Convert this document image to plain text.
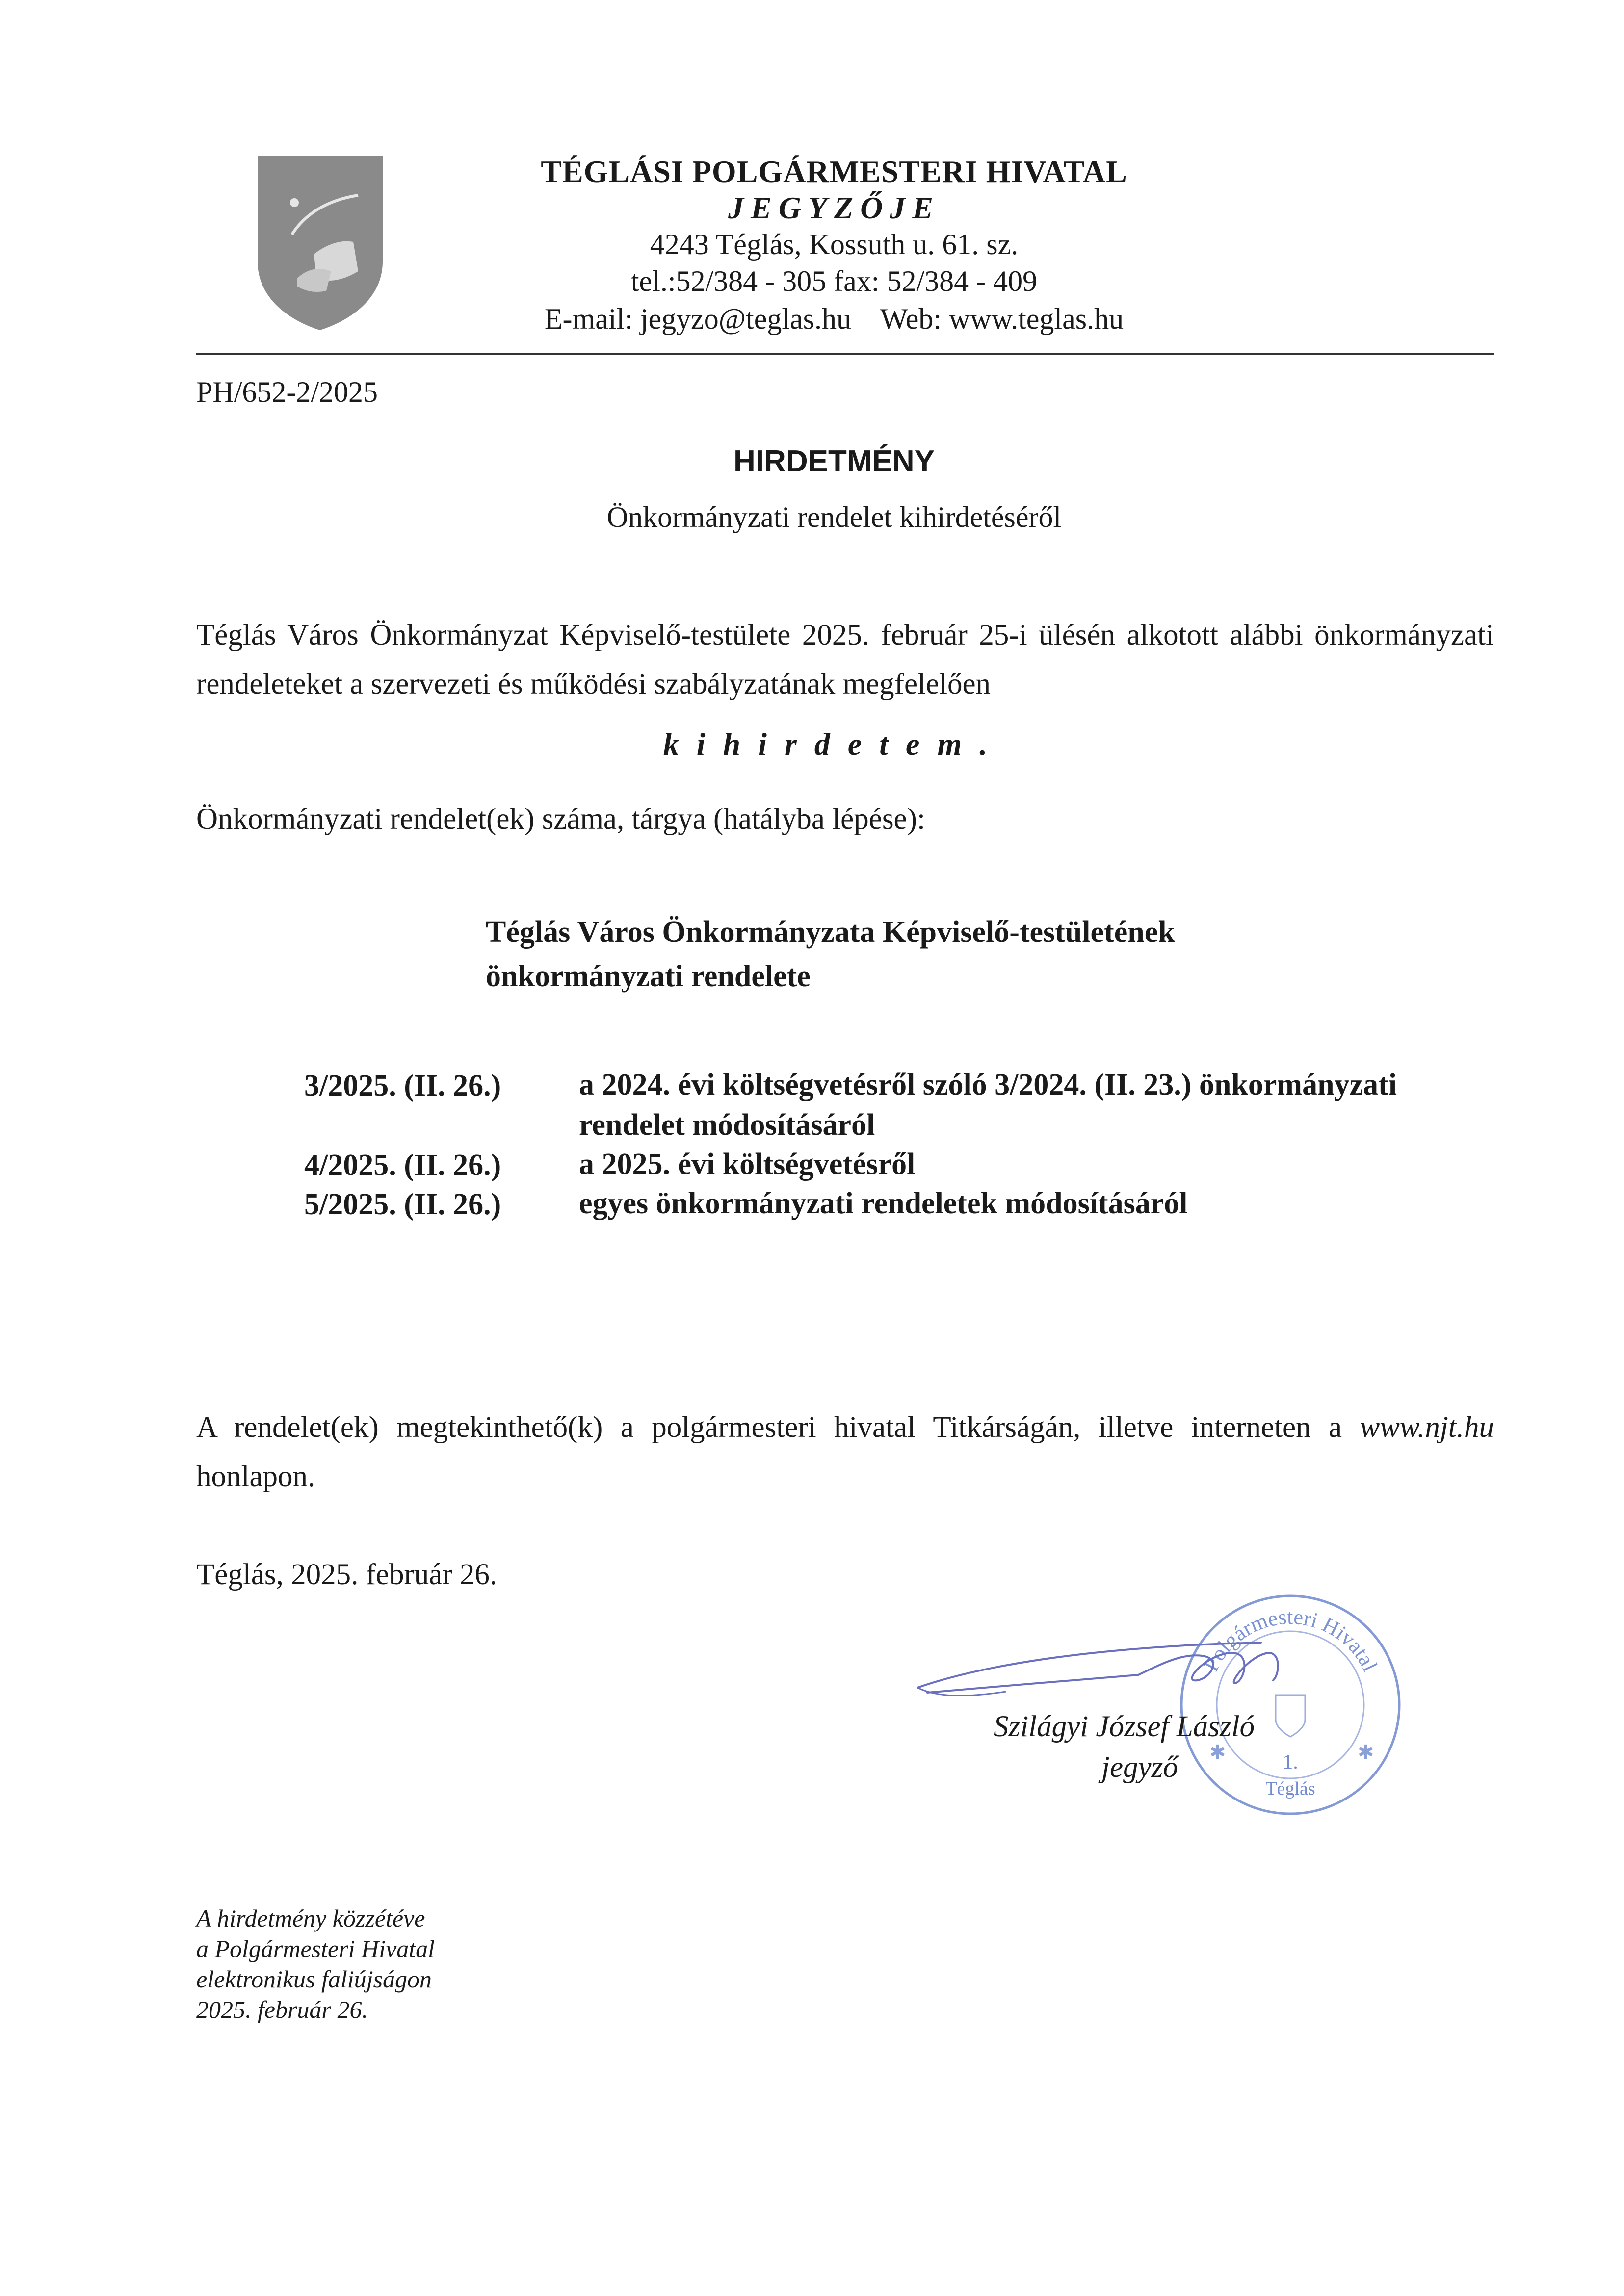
TÉGLÁSI POLGÁRMESTERI HIVATAL
JEGYZŐJE
4243 Téglás, Kossuth u. 61. sz.
tel.:52/384 - 305 fax: 52/384 - 409
E-mail: jegyzo@teglas.hu    Web: www.teglas.hu
PH/652-2/2025
HIRDETMÉNY
Önkormányzati rendelet kihirdetéséről
Téglás Város Önkormányzat Képviselő-testülete 2025. február 25-i ülésén alkotott alábbi önkormányzati rendeleteket a szervezeti és működési szabályzatának megfelelően
kihirdetem.
Önkormányzati rendelet(ek) száma, tárgya (hatályba lépése):
Téglás Város Önkormányzata Képviselő-testületének
önkormányzati rendelete
3/2025. (II. 26.)	a 2024. évi költségvetésről szóló 3/2024. (II. 23.) önkormányzati rendelet módosításáról
4/2025. (II. 26.)	a 2025. évi költségvetésről
5/2025. (II. 26.)	egyes önkormányzati rendeletek módosításáról
A rendelet(ek) megtekinthető(k) a polgármesteri hivatal Titkárságán, illetve interneten a www.njt.hu honlapon.
Téglás, 2025. február 26.
Polgármesteri Hivatal
1.
Téglás
✱	✱
Szilágyi József László
jegyző
A hirdetmény közzétéve
a Polgármesteri Hivatal
elektronikus faliújságon
2025. február 26.
